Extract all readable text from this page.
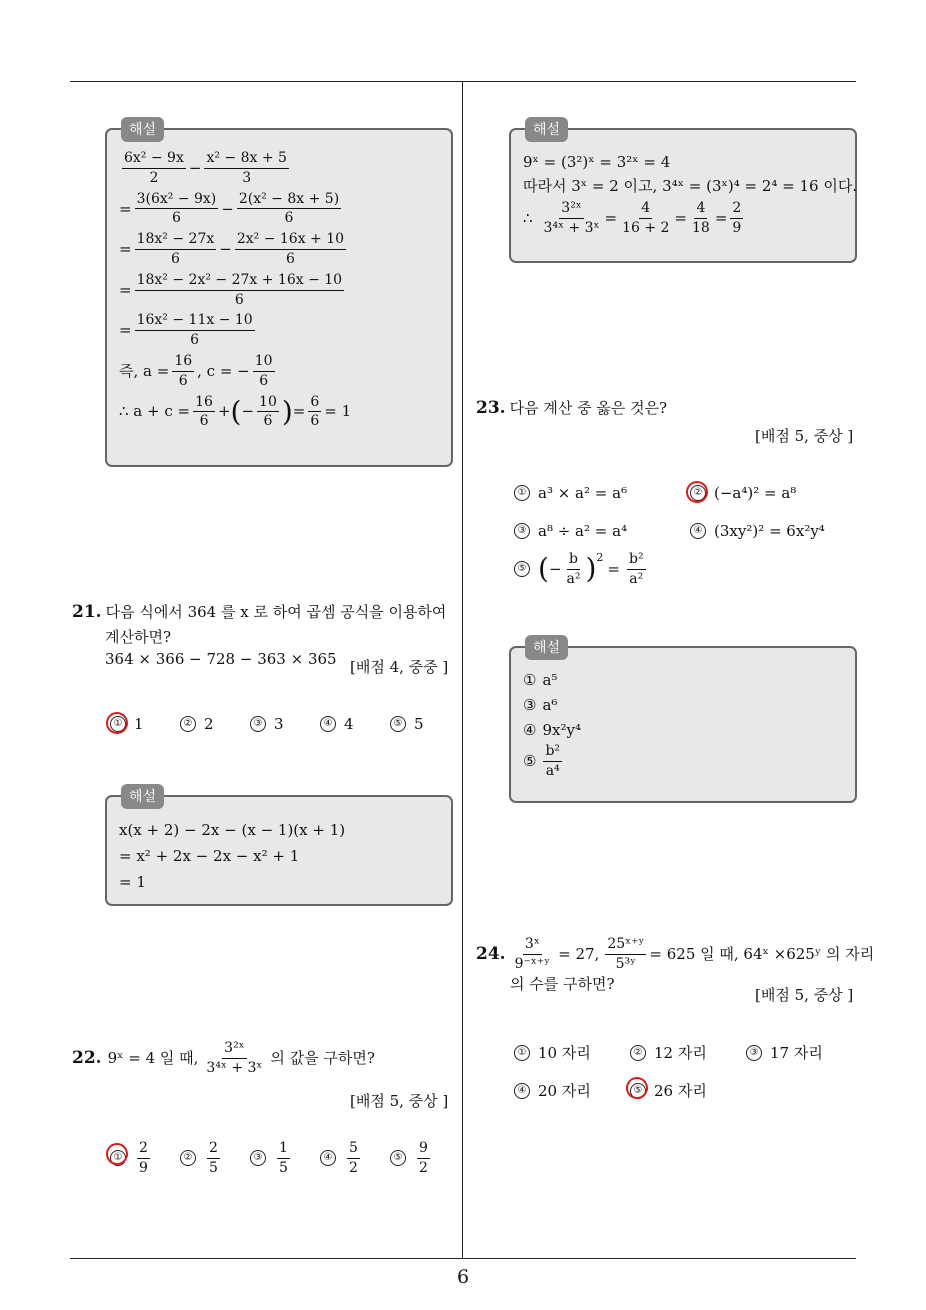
해설
$\frac{\text{6x² − 9x}}{2} - \frac{\text{x² − 8x + 5}}{3}$
= $\frac{\text{3(6x² − 9x)}}{6} - \frac{\text{2(x² − 8x + 5)}}{6}$
= $\frac{\text{18x² − 27x}}{6} - \frac{\text{2x² − 16x + 10}}{6}$
= $\frac{\text{18x² − 2x² − 27x + 16x − 10}}{6}$
= $\frac{\text{16x² − 11x − 10}}{6}$
즉, $a = \frac{16}{6}$ , c = − $\frac{10}{6}$
∴ $a + c = \frac{16}{6}$ + ( − $\frac{10}{6}$ ) = $\frac{6}{6} = 1$
21. 다음 식에서 364 를 x 로 하여 곱셈 공식을 이용하여
계산하면?
364 × 366 − 728 − 363 × 365 [배점 4, 중중 ]
① 1	② 2	③ 3	④ 4	⑤ 5
해설
x(x + 2) − 2x − (x − 1)(x + 1)
= x² + 2x − 2x − x² + 1
= 1
22. 9ˣ = 4 일 때, $\frac{\text{3²ˣ}}{\text{3⁴ˣ + 3ˣ}}$ 의 값을 구하면?
[배점 5, 중상 ]
① $\frac{2}{9}$	② $\frac{2}{5}$	③ $\frac{1}{5}$	④ $\frac{5}{2}$	⑤ $\frac{9}{2}$
해설
9ˣ = (3²)ˣ = 3²ˣ = 4
따라서 3ˣ = 2 이고, 3⁴ˣ = (3ˣ)⁴ = 2⁴ = 16 이다.
∴ $\frac{\text{3²ˣ}}{\text{3⁴ˣ + 3ˣ}} = \frac{4}{16 + 2} = \frac{4}{18} = \frac{2}{9}$
23. 다음 계산 중 옳은 것은?
[배점 5, 중상 ]
① a³ × a² = a⁶	② (−a⁴)² = a⁸
③ a⁸ ÷ a² = a⁴	④ (3xy²)² = 6x²y⁴
⑤ ( − $\frac{b}{\text{a²}} )^2$
= $\frac{\text{b²}}{\text{a²}}$
해설
① a⁵
③ a⁶
④ 9x²y⁴
⑤ $\frac{\text{b²}}{\text{a⁴}}$
24. $\frac{\text{3ˣ}}{\text{9⁻ˣ⁺ʸ}} = 27$, $\frac{\text{25ˣ⁺ʸ}}{\text{5³ʸ}} = 625$ 일 때, 64ˣ ×625ʸ 의 자리
의 수를 구하면?
[배점 5, 중상 ]
① 10 자리	② 12 자리	③ 17 자리
④ 20 자리	⑤ 26 자리
6
